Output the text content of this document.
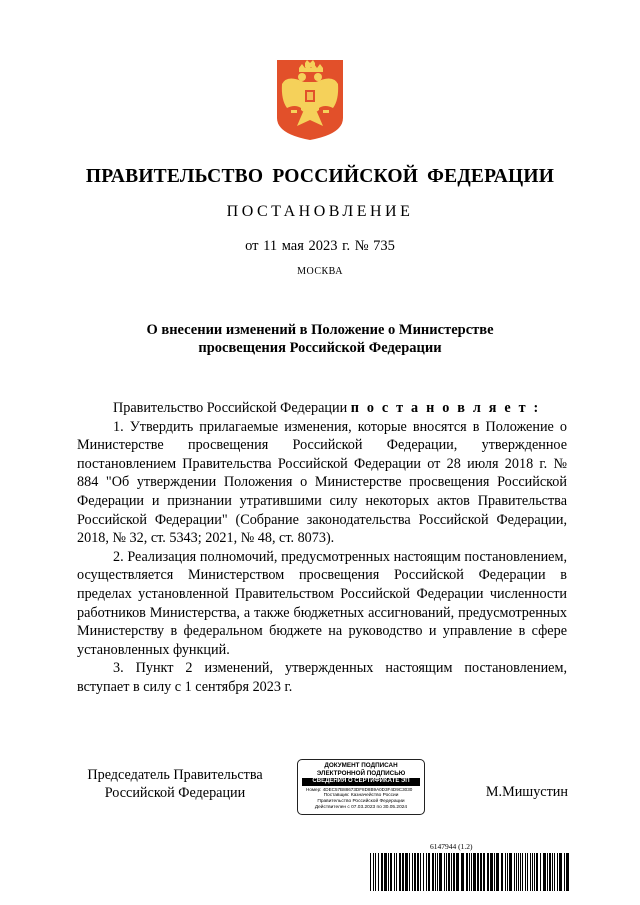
ПРАВИТЕЛЬСТВО РОССИЙСКОЙ ФЕДЕРАЦИИ
ПОСТАНОВЛЕНИЕ
от 11 мая 2023 г. № 735
МОСКВА
О внесении изменений в Положение о Министерстве
просвещения Российской Федерации

Правительство Российской Федерации п о с т а н о в л я е т :

1. Утвердить прилагаемые изменения, которые вносятся в Положение о Министерстве просвещения Российской Федерации, утвержденное постановлением Правительства Российской Федерации от 28 июля 2018 г. № 884 "Об утверждении Положения о Министерстве просвещения Российской Федерации и признании утратившими силу некоторых актов Правительства Российской Федерации" (Собрание законодательства Российской Федерации, 2018, № 32, ст. 5343; 2021, № 48, ст. 8073).

2. Реализация полномочий, предусмотренных настоящим постановлением, осуществляется Министерством просвещения Российской Федерации в пределах установленной Правительством Российской Федерации численности работников Министерства, а также бюджетных ассигнований, предусмотренных Министерству в федеральном бюджете на руководство и управление в сфере установленных функций.

3. Пункт 2 изменений, утвержденных настоящим постановлением, вступает в силу с 1 сентября 2023 г.

Председатель Правительства
Российской Федерации
ДОКУМЕНТ ПОДПИСАН
ЭЛЕКТРОННОЙ ПОДПИСЬЮ
СВЕДЕНИЯ О СЕРТИФИКАТЕ ЭП
Номер: 4DEC57B88673DF8D8B9A0D3F4D9C3030
Поставщик: Казначейство России
Правительство Российской Федерации
Действителен с 07.03.2023 по 30.05.2024
М.Мишустин
6147944 (1.2)
